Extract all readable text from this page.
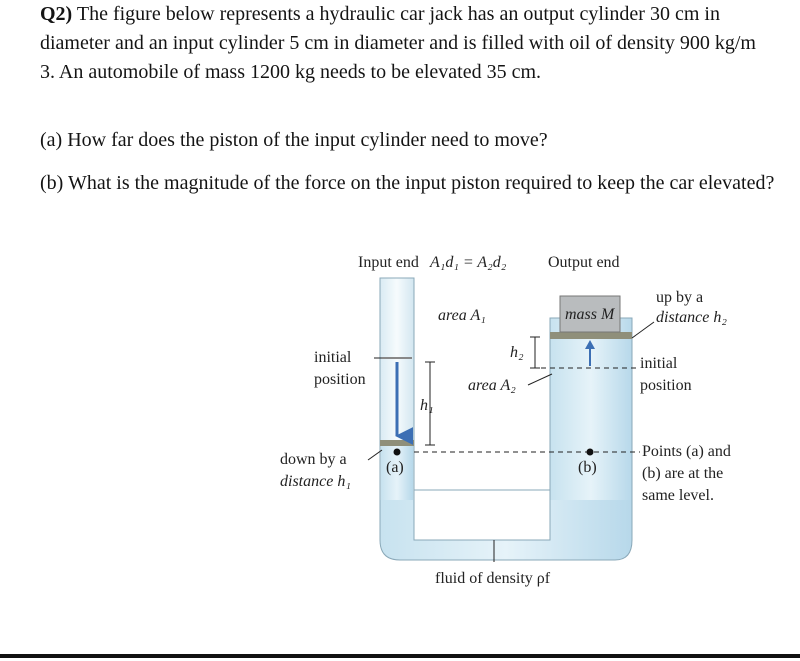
Q2) The figure below represents a hydraulic car jack has an output cylinder 30 cm in diameter and an input cylinder 5 cm in diameter and is filled with oil of density 900 kg/m 3. An automobile of mass 1200 kg needs to be elevated 35 cm.

(a) How far does the piston of the input cylinder need to move?
(b) What is the magnitude of the force on the input piston required to keep the car elevated?
Input end A₁d₁ = A₂d₂	Output end
mass M
h₂
h₁
(a)	(b)
area A₁
area A₂
up by a
distance h₂
initial
position
Points (a) and
(b) are at the
same level.
initial
position
down by a
distance h₁
fluid of density ρf
